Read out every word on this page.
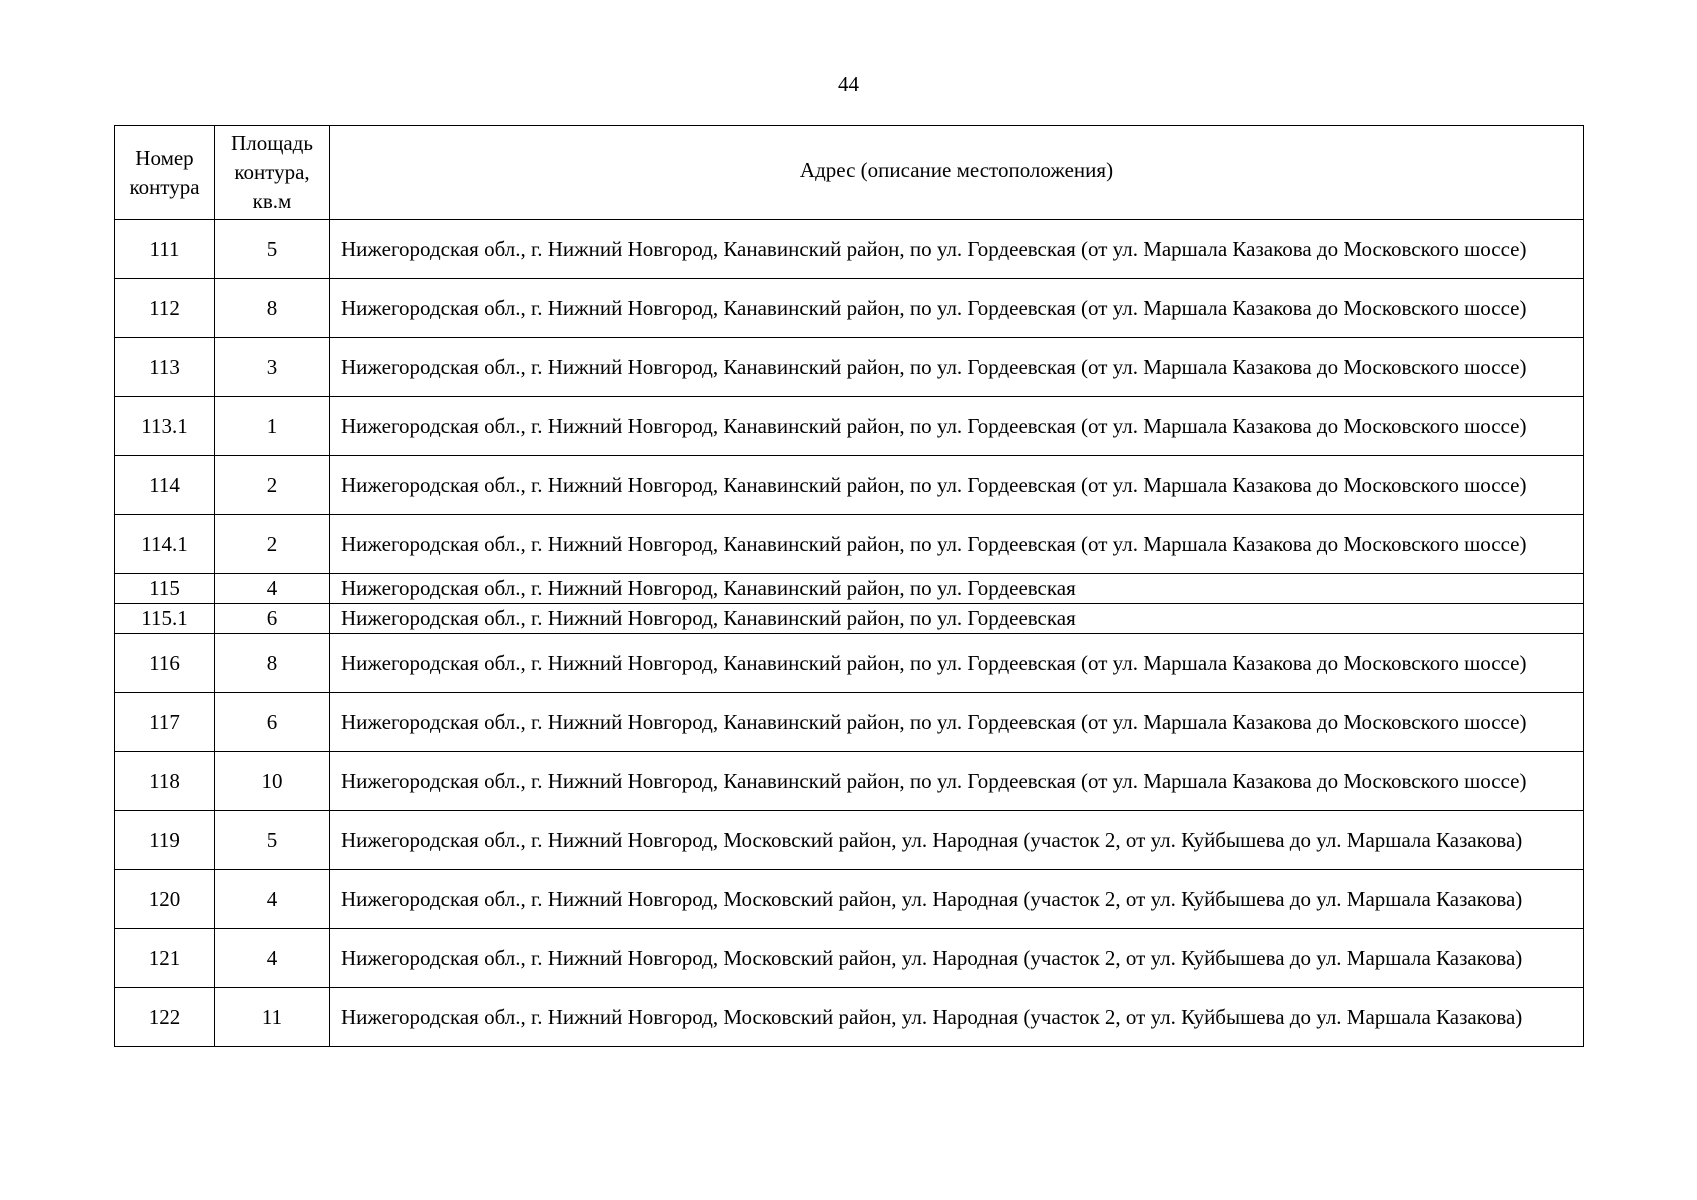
44
Номер контура	Площадь контура, кв.м	Адрес (описание местоположения)
111	5	Нижегородская обл., г. Нижний Новгород, Канавинский район, по ул. Гордеевская (от ул. Маршала Казакова до Московского шоссе)
112	8	Нижегородская обл., г. Нижний Новгород, Канавинский район, по ул. Гордеевская (от ул. Маршала Казакова до Московского шоссе)
113	3	Нижегородская обл., г. Нижний Новгород, Канавинский район, по ул. Гордеевская (от ул. Маршала Казакова до Московского шоссе)
113.1	1	Нижегородская обл., г. Нижний Новгород, Канавинский район, по ул. Гордеевская (от ул. Маршала Казакова до Московского шоссе)
114	2	Нижегородская обл., г. Нижний Новгород, Канавинский район, по ул. Гордеевская (от ул. Маршала Казакова до Московского шоссе)
114.1	2	Нижегородская обл., г. Нижний Новгород, Канавинский район, по ул. Гордеевская (от ул. Маршала Казакова до Московского шоссе)
115	4	Нижегородская обл., г. Нижний Новгород, Канавинский район, по ул. Гордеевская
115.1	6	Нижегородская обл., г. Нижний Новгород, Канавинский район, по ул. Гордеевская
116	8	Нижегородская обл., г. Нижний Новгород, Канавинский район, по ул. Гордеевская (от ул. Маршала Казакова до Московского шоссе)
117	6	Нижегородская обл., г. Нижний Новгород, Канавинский район, по ул. Гордеевская (от ул. Маршала Казакова до Московского шоссе)
118	10	Нижегородская обл., г. Нижний Новгород, Канавинский район, по ул. Гордеевская (от ул. Маршала Казакова до Московского шоссе)
119	5	Нижегородская обл., г. Нижний Новгород, Московский район, ул. Народная (участок 2, от ул. Куйбышева до ул. Маршала Казакова)
120	4	Нижегородская обл., г. Нижний Новгород, Московский район, ул. Народная (участок 2, от ул. Куйбышева до ул. Маршала Казакова)
121	4	Нижегородская обл., г. Нижний Новгород, Московский район, ул. Народная (участок 2, от ул. Куйбышева до ул. Маршала Казакова)
122	11	Нижегородская обл., г. Нижний Новгород, Московский район, ул. Народная (участок 2, от ул. Куйбышева до ул. Маршала Казакова)
